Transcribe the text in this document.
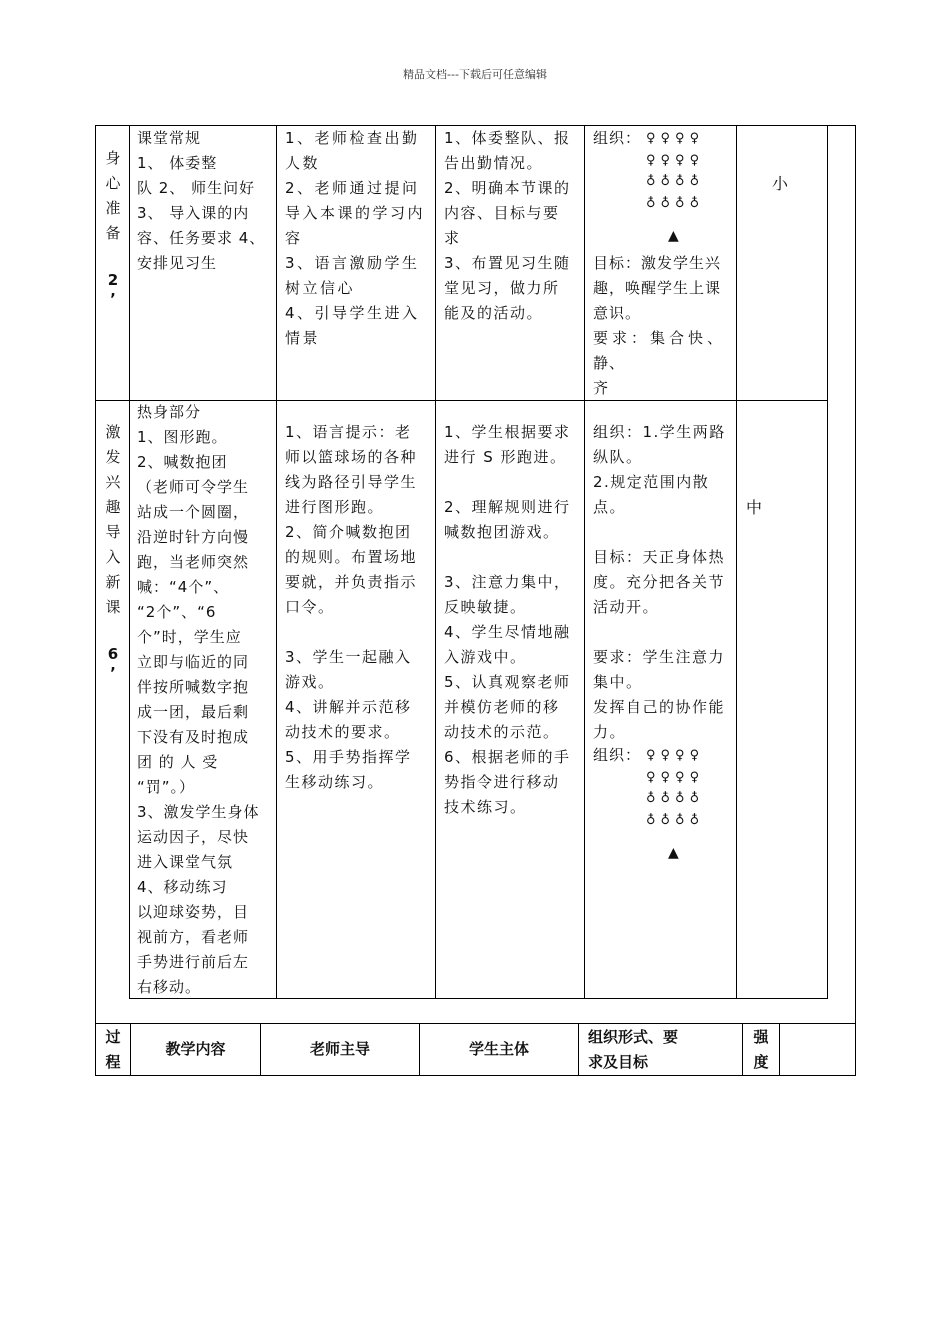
精品文档---下载后可任意编辑
身
心
准
备
2
’
课堂常规
1、 体委整
队 2、 师生问好
3、 导入课的内
容、任务要求 4、
安排见习生
1、老师检查出勤
人数
2、老师通过提问
导入本课的学习内
容
3、语言激励学生
树立信心
4、引导学生进入
情景
1、体委整队、报
告出勤情况。
2、明确本节课的
内容、目标与要
求
3、布置见习生随
堂见习，做力所
能及的活动。
组织： ♀♀♀♀
♀♀♀♀
♁♁♁♁
♁♁♁♁
▲
目标：激发学生兴
趣，唤醒学生上课
意识。
要求：集合快、
静、
齐
小
激
发
兴
趣
导
入
新
课
6
’
热身部分
1、图形跑。
2、喊数抱团
（老师可令学生
站成一个圆圈，
沿逆时针方向慢
跑，当老师突然
喊：“4个”、
“2个”、“6
个”时，学生应
立即与临近的同
伴按所喊数字抱
成一团，最后剩
下没有及时抱成
团 的 人 受
“罚”。）
3、激发学生身体
运动因子，尽快
进入课堂气氛
4、移动练习
以迎球姿势，目
视前方，看老师
手势进行前后左
右移动。
1、语言提示：老
师以篮球场的各种
线为路径引导学生
进行图形跑。
2、简介喊数抱团
的规则。布置场地
要就，并负责指示
口令。
3、学生一起融入
游戏。
4、讲解并示范移
动技术的要求。
5、用手势指挥学
生移动练习。
1、学生根据要求
进行 S 形跑进。
2、理解规则进行
喊数抱团游戏。
3、注意力集中，
反映敏捷。
4、学生尽情地融
入游戏中。
5、认真观察老师
并模仿老师的移
动技术的示范。
6、根据老师的手
势指令进行移动
技术练习。
组织：1.学生两路
纵队。
2.规定范围内散
点。
目标：天正身体热
度。充分把各关节
活动开。
要求：学生注意力
集中。
发挥自己的协作能
力。
组织： ♀♀♀♀
♀♀♀♀
♁♁♁♁
♁♁♁♁
▲
中
过
程
教学内容	老师主导	学生主体
组织形式、要
求及目标
强
度
